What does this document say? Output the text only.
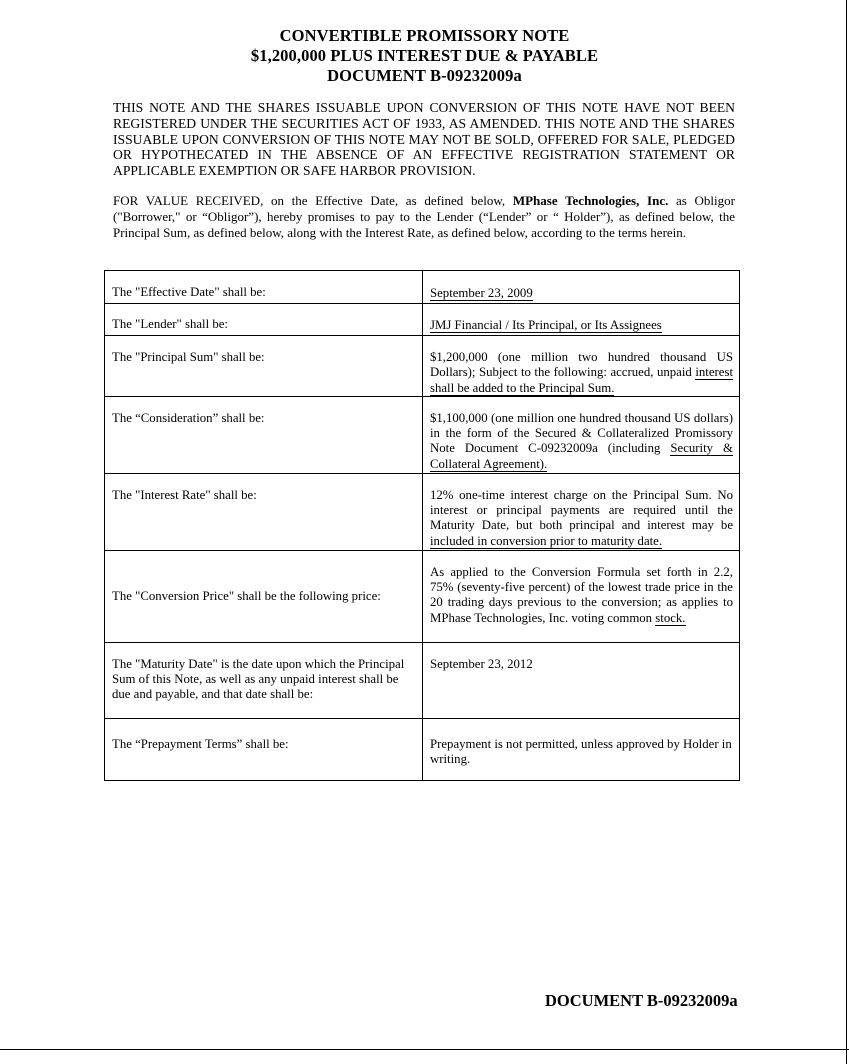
CONVERTIBLE PROMISSORY NOTE
$1,200,000 PLUS INTEREST DUE & PAYABLE
DOCUMENT B-09232009a
THIS NOTE AND THE SHARES ISSUABLE UPON CONVERSION OF THIS NOTE HAVE NOT BEEN REGISTERED UNDER THE SECURITIES ACT OF 1933, AS AMENDED. THIS NOTE AND THE SHARES ISSUABLE UPON CONVERSION OF THIS NOTE MAY NOT BE SOLD, OFFERED FOR SALE, PLEDGED OR HYPOTHECATED IN THE ABSENCE OF AN EFFECTIVE REGISTRATION STATEMENT OR APPLICABLE EXEMPTION OR SAFE HARBOR PROVISION.
FOR VALUE RECEIVED, on the Effective Date, as defined below, MPhase Technologies, Inc. as Obligor ("Borrower," or “Obligor”), hereby promises to pay to the Lender (“Lender” or “ Holder”), as defined below, the Principal Sum, as defined below, along with the Interest Rate, as defined below, according to the terms herein.
The "Effective Date" shall be:	September 23, 2009
The "Lender" shall be:	JMJ Financial / Its Principal, or Its Assignees
The "Principal Sum" shall be:	$1,200,000 (one million two hundred thousand US Dollars); Subject to the following: accrued, unpaid interest shall be added to the Principal Sum.
The “Consideration” shall be:	$1,100,000 (one million one hundred thousand US dollars) in the form of the Secured & Collateralized Promissory Note Document C-09232009a (including Security & Collateral Agreement).
The "Interest Rate" shall be:	12% one-time interest charge on the Principal Sum. No interest or principal payments are required until the Maturity Date, but both principal and interest may be included in conversion prior to maturity date.
The "Conversion Price" shall be the following price:	As applied to the Conversion Formula set forth in 2.2, 75% (seventy-five percent) of the lowest trade price in the 20 trading days previous to the conversion; as applies to MPhase Technologies, Inc. voting common stock.
The "Maturity Date" is the date upon which the Principal Sum of this Note, as well as any unpaid interest shall be due and payable, and that date shall be:	September 23, 2012
The “Prepayment Terms” shall be:	Prepayment is not permitted, unless approved by Holder in writing.
DOCUMENT B-09232009a
